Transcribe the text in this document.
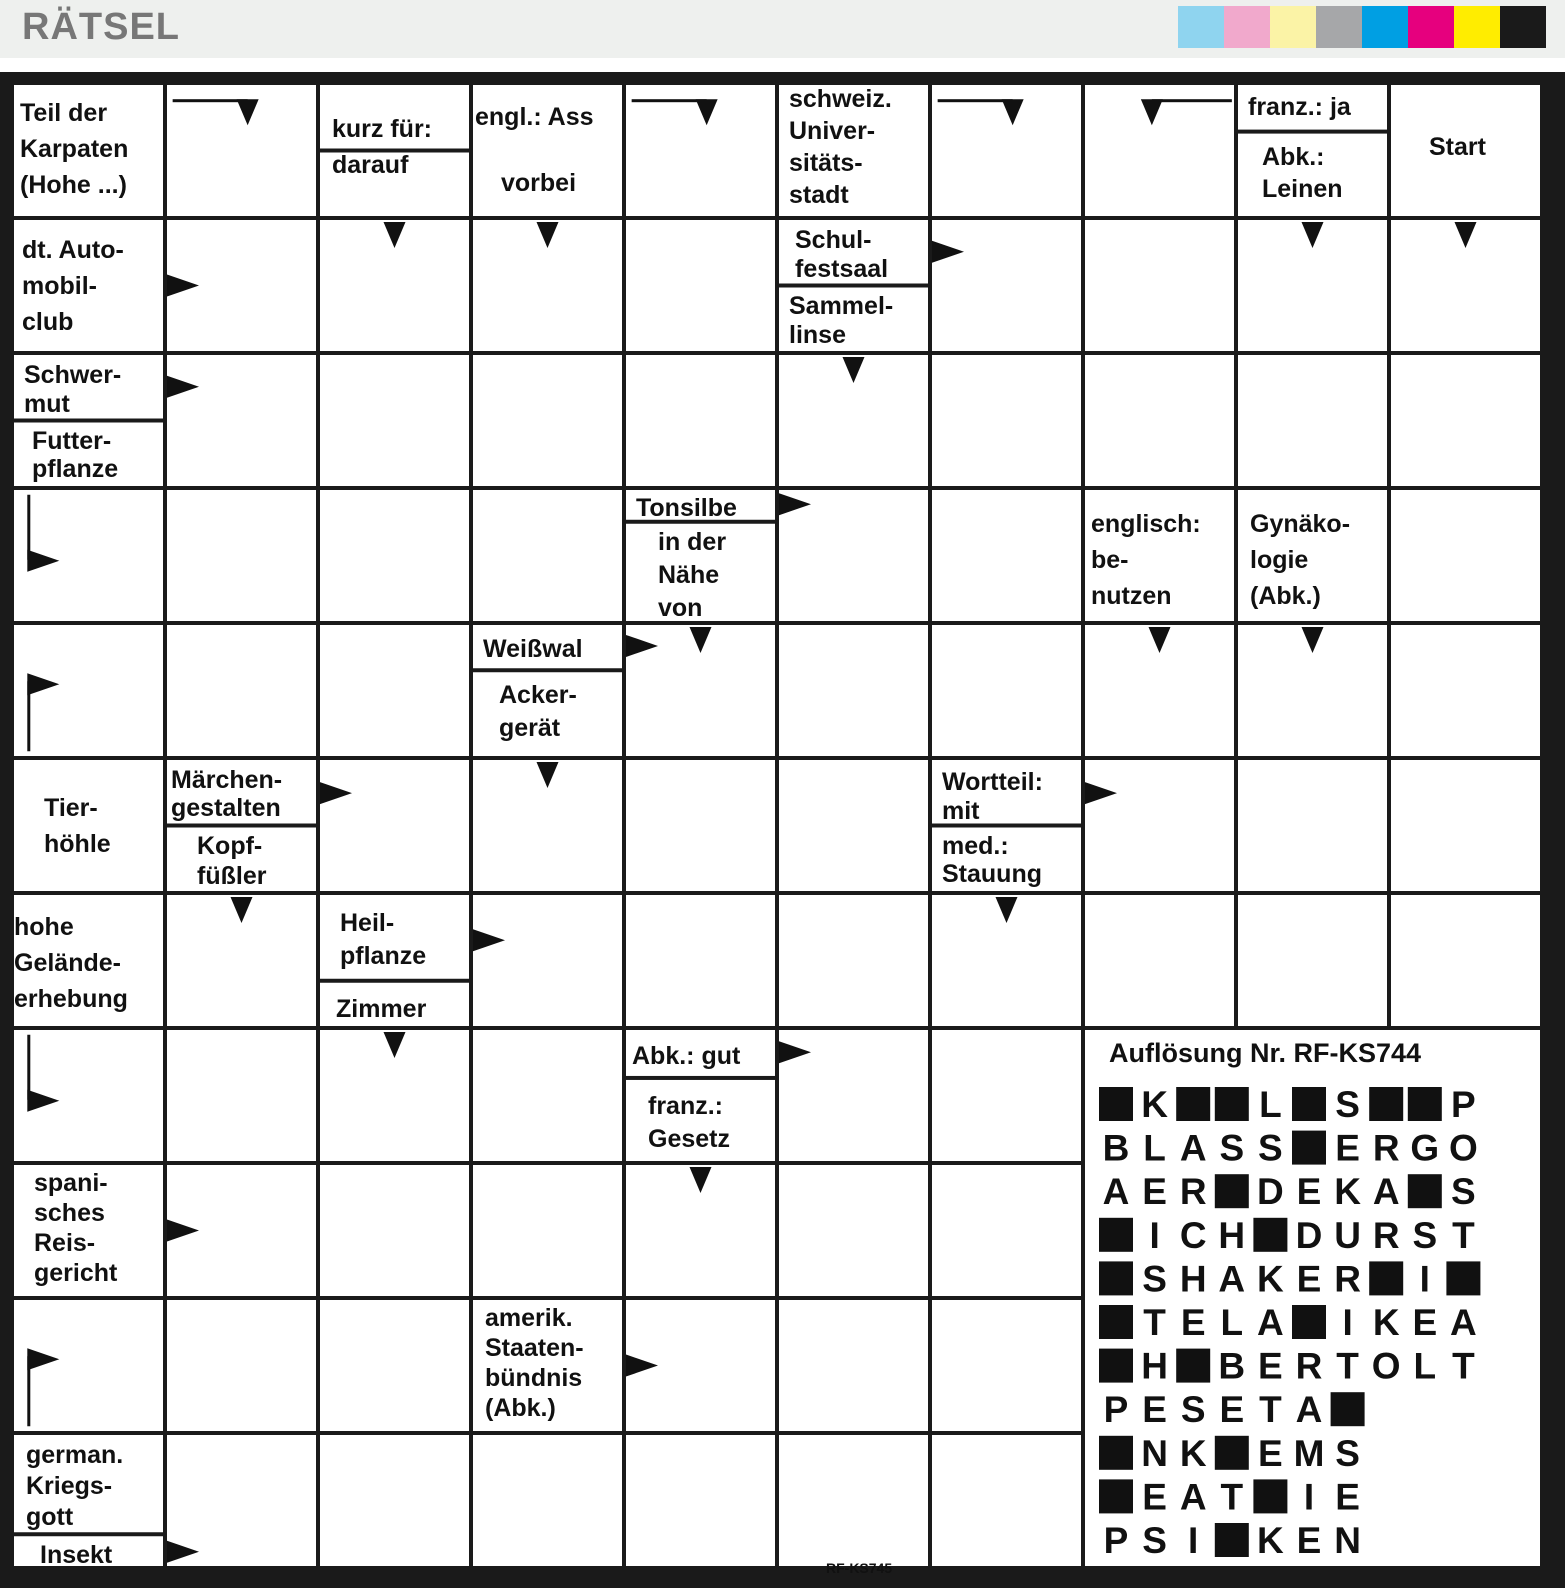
RÄTSEL
Teil der Karpaten (Hohe ...)
kurz für: darauf
engl.: Ass
vorbei
schweiz. Univer-sitäts-stadt
franz.: ja
Abk.: Leinen
Start
dt. Auto-mobil-club
Schul-festsaal
Sammel-linse
Schwer-mut
Futter-pflanze
Tonsilbe
in der Nähe von
englisch: be-nutzen
Gynäko-logie (Abk.)
Weißwal
Acker-gerät
Tier-höhle
Märchen-gestalten
Kopf-füßler
Wortteil: mit
med.: Stauung
hohe Gelände-erhebung
Heil-pflanze
Zimmer
Abk.: gut
franz.: Gesetz
spani-sches Reis-gericht
amerik. Staaten-bündnis (Abk.)
german. Kriegs-gott
Insekt
Auflösung Nr. RF-KS744
K L S P
B L A S S E R G O
A E R D E K A S
I C H D U R S T
S H A K E R I
T E L A I K E A
H B E R T O L T
P E S E T A
N K E M S
E A T I E
P S I K E N
RF-KS745
